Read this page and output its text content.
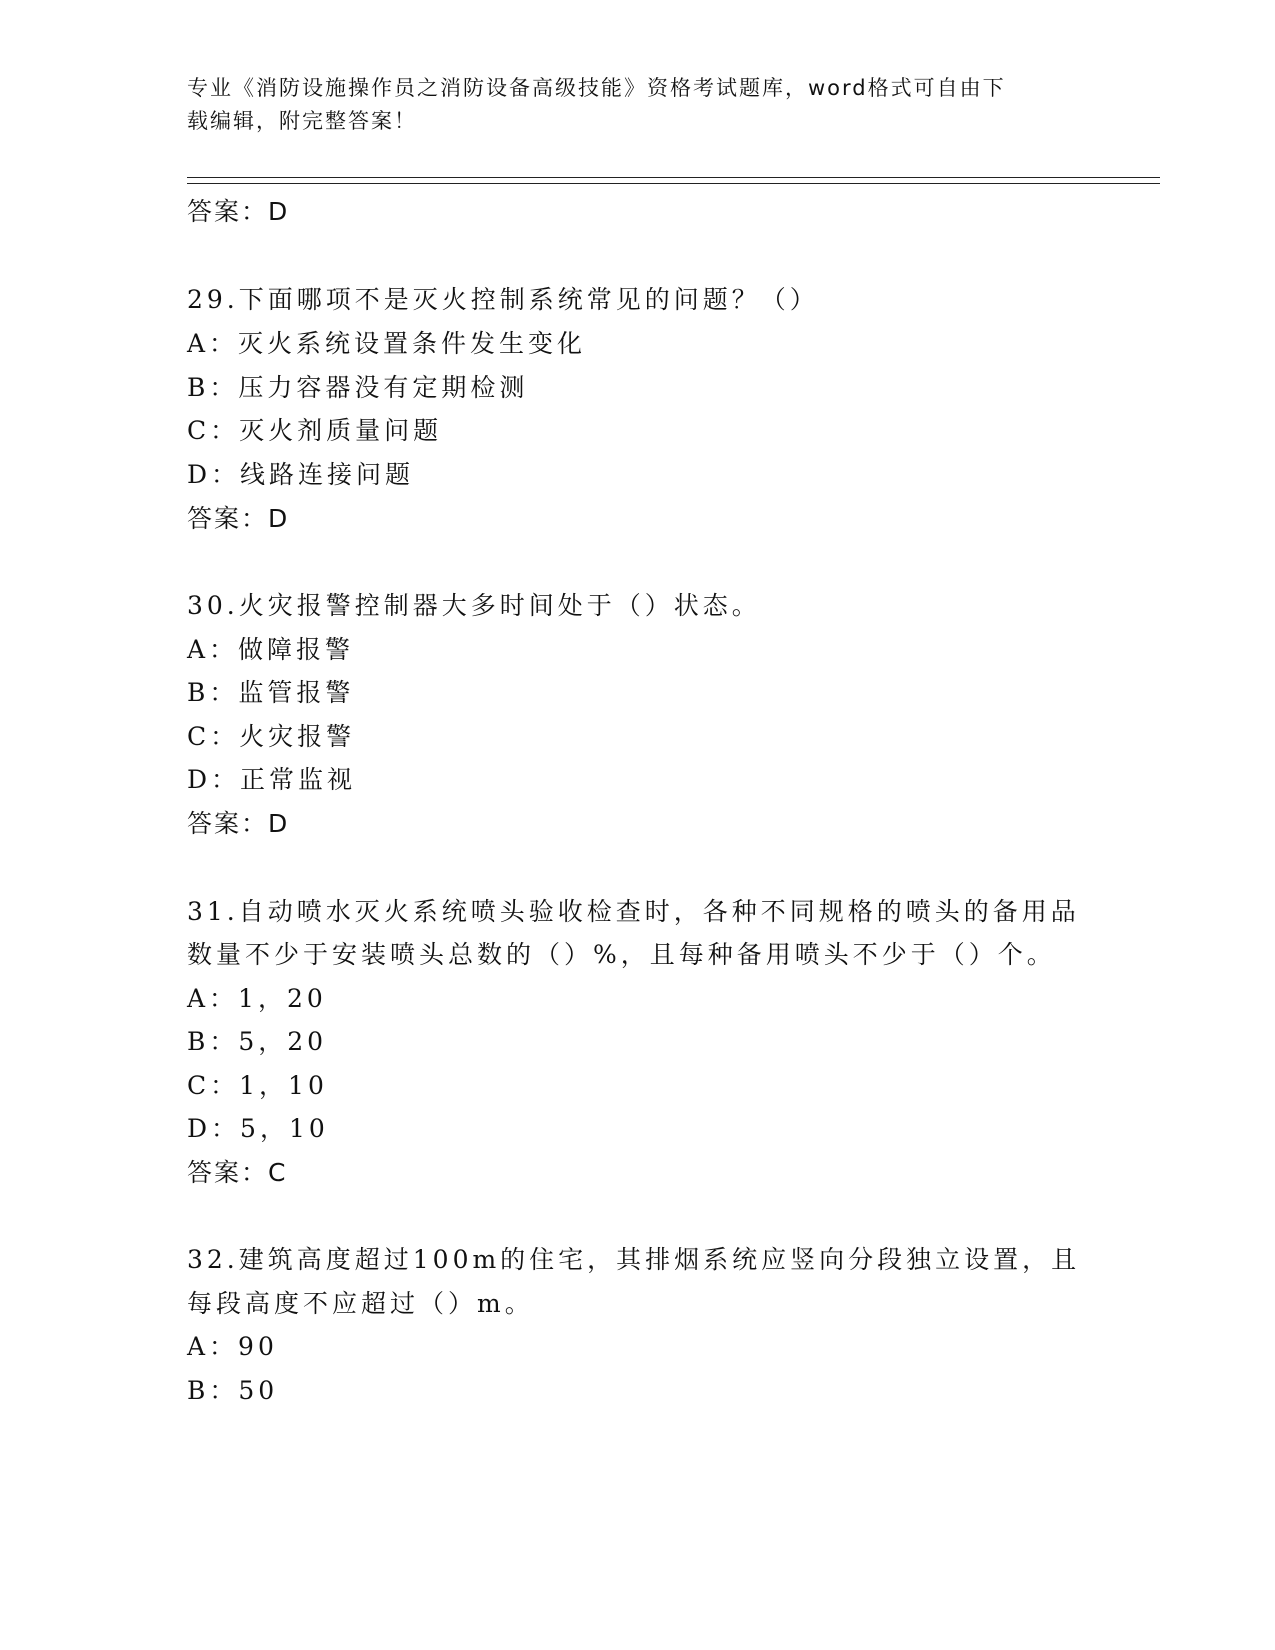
专业《消防设施操作员之消防设备高级技能》资格考试题库，word格式可自由下
载编辑，附完整答案！
答案：D
29.下面哪项不是灭火控制系统常见的问题？（）
A：灭火系统设置条件发生变化
B：压力容器没有定期检测
C：灭火剂质量问题
D：线路连接问题
答案：D
30.火灾报警控制器大多时间处于（）状态。
A：做障报警
B：监管报警
C：火灾报警
D：正常监视
答案：D
31.自动喷水灭火系统喷头验收检查时，各种不同规格的喷头的备用品
数量不少于安装喷头总数的（）%，且每种备用喷头不少于（）个。
A：1，20
B：5，20
C：1，10
D：5，10
答案：C
32.建筑高度超过100m的住宅，其排烟系统应竖向分段独立设置，且
每段高度不应超过（）m。
A：90
B：50
